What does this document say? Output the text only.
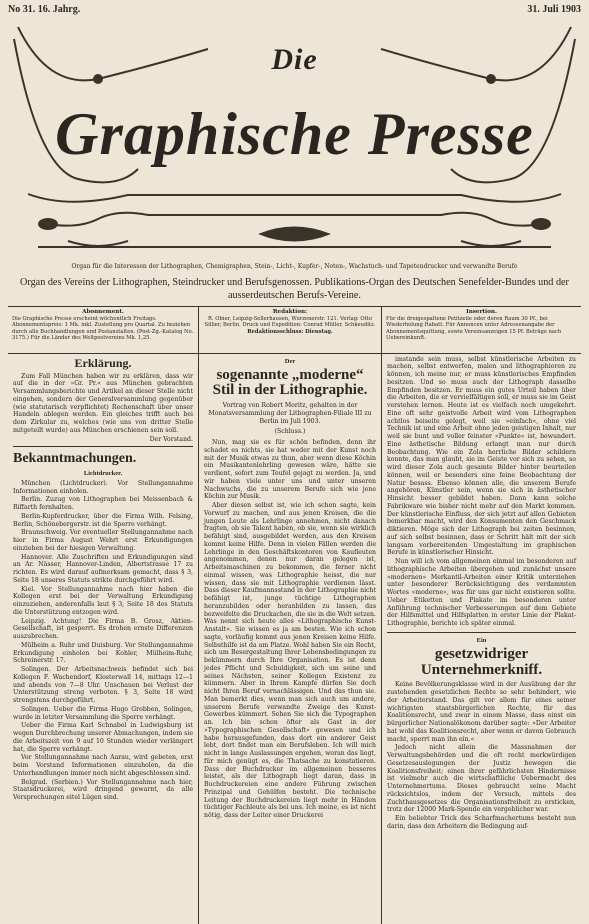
No 31. 16. Jahrg.	31. Juli 1903
Die
Graphische Presse
Organ für die Interessen der Lithographen, Chemigraphen, Stein-, Licht-, Kupfer-, Noten-, Wachstuch- und Tapetendrucker und verwandte Berufe
Organ des Vereins der Lithographen, Steindrucker und Berufsgenossen. Publikations-Organ des Deutschen Senefelder-Bundes und der ausserdeutschen Berufs-Vereine.
Abonnement.
Die Graphische Presse erscheint wöchentlich Freitags. Abonnementspreis: 1 Mk. inkl. Zustellung pro Quartal. Zu beziehen durch alle Buchhandlungen und Postanstalten. (Post-Zg.-Katalog No. 3175.) Für die Länder des Weltpostvereins Mk. 1,25.
Redaktion:
R. Obier, Leipzig-Sellerhausen, Wurzenerstr. 121. Verlag: Otto Sillier, Berlin. Druck und Expedition: Conrad Müller, Schkeuditz.
Redaktionsschluss: Dienstag.
Insertion.
Für die dreigespaltene Petitzeile oder deren Raum 30 Pf., bei Wiederholung Rabatt. Für Annoncen unter Adressenangabe der Abonnementsquittung, sowie Vereinsanzeigen 15 Pf. Beträge nach Uebereinkunft.
Erklärung.

Zum Fall München haben wir zu erklären, dass wir auf die in der »Gr. Pr.« aus München gebrachten Versammlungsberichte und Artikel an dieser Stelle nicht eingehen, sondern der Generalversammlung gegenüber (wie statutarisch verpflichtet) Rechenschaft über unser Handeln ablegen werden. Ein gleiches trifft auch bei dem Zirkular zu, welches (wie uns von dritter Stelle mitgeteilt wurde) aus München erschienen sein soll.

Der Vorstand.
Bekanntmachungen.
Lichtdrucker.

München (Lichtdrucker). Vor Stellungannahme Informationen einholen.

Berlin. Zuzug von Lithographen bei Meissenbach & Riffarth fernhalten.

Berlin-Kupferdrucker, über die Firma Wilh. Felsing, Berlin, Schönebergerstr. ist die Sperre verhängt.

Braunschweig. Vor eventueller Stellungannahme nach hier in Firma August Wehrt erst Erkundigungen einziehen bei der hiesigen Verwaltung.

Hannover. Alle Zuschriften und Erkundigungen sind an Ar. Nässer, Hannover-Linden, Albertstrasse 17 zu richten. Es wird darauf aufmerksam gemacht, dass § 3, Seite 18 unseres Statuts strikte durchgeführt wird.

Kiel. Vor Stellungannahme nach hier haben die Kollegen erst bei der Verwaltung Erkundigung einzuziehen, anderenfalls laut § 3, Seite 18 des Statuts die Unterstützung entzogen wird.

Leipzig. Achtung! Die Firma B. Grosz, Aktien-Gesellschaft, ist gesperrt. Es drohen ernste Differenzen auszubrechen.

Mülheim a. Ruhr und Duisburg. Vor Stellungannahme Erkundigung einholen bei Kohler, Mülheim-Ruhr, Schreinerstr. 17.

Solingen. Der Arbeitsnachweis befindet sich bei Kollegen F. Wachendorf, Klosterwall 14, mittags 12—1 und abends von 7—8 Uhr. Unschauen bei Verlust der Unterstützung streng verboten. § 3, Seite 18 wird strengstens durchgeführt.

Solingen. Ueber die Firma Hugo Grobben, Solingen, wurde in letzter Versammlung die Sperre verhängt.

Ueber die Firma Karl Schnabel in Ludwigsburg ist wegen Durchbrechung unserer Abmachungen, indem sie die Arbeitszeit von 9 auf 10 Stunden wieder verlängert hat, die Sperre verhängt.

Vor Stellungannahme nach Aarau, wird gebeten, erst beim Vorstand Informationen einzuholen, da die Unterhandlungen immer noch nicht abgeschlossen sind.

Belgrad. (Serbien.) Vor Stellungannahme nach hier, Staatsdruckerei, wird dringend gewarnt, da alle Versprechungen eitel Lügen sind.

Der
sogenannte „moderne“ Stil in der Lithographie.
Vortrag von Robert Moritz, gehalten in der Monatsversammlung der Lithographen-Filiale III zu Berlin im Juli 1903.
(Schluss.)

Nun, mag sie es für schön befinden, denn ihr schadet es nichts, sie hat weder mit der Kunst noch mit der Musik etwas zu thun, aber wenn diese Köchin ein Musikantenlehrling gewesen wäre, hätte sie verdient, sofort zum Teufel gejagt zu werden. Ja, und wir haben viele unter uns und unter unseren Nachwuchs, die zu unserem Berufe sich wie jene Köchin zur Musik.

Aber diesen selbst ist, wie ich schon sagte, kein Vorwurf zu machen, und aus jenen Kreisen, die die jungen Leute als Lehrlinge annehmen, nicht danach fragten, ob sie Talent haben, ob sie, wenn sie wirklich befähigt sind, ausgebildet werden, aus den Kreisen kommt keine Hilfe. Denn in vielen Fällen werden die Lehrlinge in den Geschäftskontoren von Kaufleuten angenommen, denen nur daran gelegen ist, Arbeitsmaschinen zu bekommen, die ferner nicht einmal wissen, was Lithographie heisst, die nur wissen, dass sie mit Lithographie verdienen lässt. Dass dieser Kaufmannsstand in der Lithographie nicht befähigt ist, junge tüchtige Lithographen heranzubilden oder heranbilden zu lassen, das bezweifelte die Druckachen, die sie in die Welt setzen. Was nennt sich heute alles »Lithographische Kunst-Anstalt«. Sie wissen es ja am besten. Wie ich schon sagte, vorläufig kommt aus jenen Kreisen keine Hilfe. Selbsthilfe ist da am Platze. Wohl haben Sie ein Recht, sich um Besergestaltung Ihrer Lebensbedingungen zu bekümmern durch Ihre Organisation. Es ist denn jedes Pflicht und Schuldigkeit, sich um seine und seines Nächsten, seiner Kollegen Existenz zu kümmern. Aber in Ihrem Kampfe dürfen Sie doch nicht Ihren Beruf vernachlässigen. Und das thun sie. Man bemerkt dies, wenn man sich auch um andere, unserem Berufe verwandte Zweige des Kunst-Gewerbes kümmert. Sehen Sie sich die Typographen an. Ich bin schon öfter als Gast in der »Typographischen Gesellschaft« gewesen und ich habe herausgefunden, dass dort ein anderer Geist lebt, dort findet man ein Berufsleben. Ich will mich nicht in lange Auslassungen ergehen, woran das liegt, für mich genügt es, die Thatsache zu konstatieren. Dass der Buchdrucker im allgemeinen besseres leistet, als der Lithograph liegt daran, dass in Buchdruckereien eine andere Führung zwischen Prinzipal und Gehülfen besteht. Die technische Leitung der Buchdruckereien liegt mehr in Händen tüchtiger Fachleute als bei uns. Ich meine, es ist nicht nötig, dass der Leiter einer Druckerei

imstande sein muss, selbst künstlerische Arbeiten zu machen, selbst entwerfen, malen und lithographieren zu können, ich meine nur, er muss künstlerisches Empfinden besitzen. Und so muss auch der Lithograph dasselbe Empfinden besitzen. Er muss ein gutes Urteil haben über die Arbeiten, die er vervielfältigen soll, er muss sie im Geist verstehen lernen. Heute ist es vielfach noch umgekehrt. Eine oft sehr geistvolle Arbeit wird vom Lithographen achtlos beiseite gelegt, weil sie »einfach«, ohne viel Technik ist und eine Arbeit ohne jeden geistigen Inhalt, nur weil sie bunt und voller feinster »Punkte« ist, bewundert. Eine ästhetische Bildung erlangt man nur durch Beobachtung. Wie ein Zola herrliche Bilder schildern konnte, das man glaubt, sie im Geiste vor sich zu sehen, so wird dieser Zola auch gesamte Bilder hinter beurteilen können, weil er besonders eine feine Beobachtung der Natur besass. Ebenso können alle, die unserem Berufe angehören, Künstler sein, wenn sie sich in ästhetischer Hinsicht besser gebildet haben. Dann kann solche Fabrikware wie bisher nicht mehr auf den Markt kommen. Der künstlerische Einfluss, der sich jetzt auf allen Gebieten bemerkbar macht, wird den Konsumenten den Geschmack diktieren. Möge sich der Lithograph bei zeiten besinnen, auf sich selbst besinnen, dass er Schritt hält mit der sich langsam vorbereitenden Umgestaltung im graphischen Berufe in künstlerischer Hinsicht.

Nun will ich vom allgemeinen einmal im besonderen auf lithographische Arbeiten übergehen und zunächst unsere »modernen« Merkantil-Arbeiten einer Kritik unterziehen unter besonderer Berücksichtigung des verdammten Wortes »moderne«, was für uns gar nicht existieren sollte. Ueber Etiketten und Plakate im besonderen unter Anführung technischer Verbesserungen auf dem Gebiete der Hilfsmittel und Hilfsplatten in erster Linie der Plakat-Lithographie, berichte ich später einmal.

Ein
gesetzwidriger Unternehmerkniff.

Keine Bevölkerungsklasse wird in der Ausübung der ihr zustehenden gesetzlichen Rechte so sehr behindert, wie der Arbeiterstand. Das gilt vor allem für eines seiner wichtigsten staatsbürgerlichen Rechte, für das Koalitionsrecht, und zwar in einem Masse, dass einst ein bürgerlicher Nationalökonom darüber sagte: »Der Arbeiter hat wohl das Koalitionsrecht, aber wenn er davon Gebrauch macht, sperrt man ihn ein.«

Jedoch nicht allein die Massnahmen der Verwaltungsbehörden und die oft recht merkwürdigen Gesetzesauslegungen der Justiz bewegen die Koalitionsfreiheit; einen ihrer gefährlichsten Hindernisse ist vielmehr auch die wirtschaftliche Uebermacht des Unternehmertums. Dieses gebraucht seine Macht rücksichtslos, indem der Versuch, mittels des Zuchthausgesetzes die Organisationsfreiheit zu ersticken, trotz der 12000 Mark-Spende ein vergeblicher war.

Ein beliebter Trick des Scharfmachertums besteht nun darin, dass den Arbeitern die Bedingung auf-
